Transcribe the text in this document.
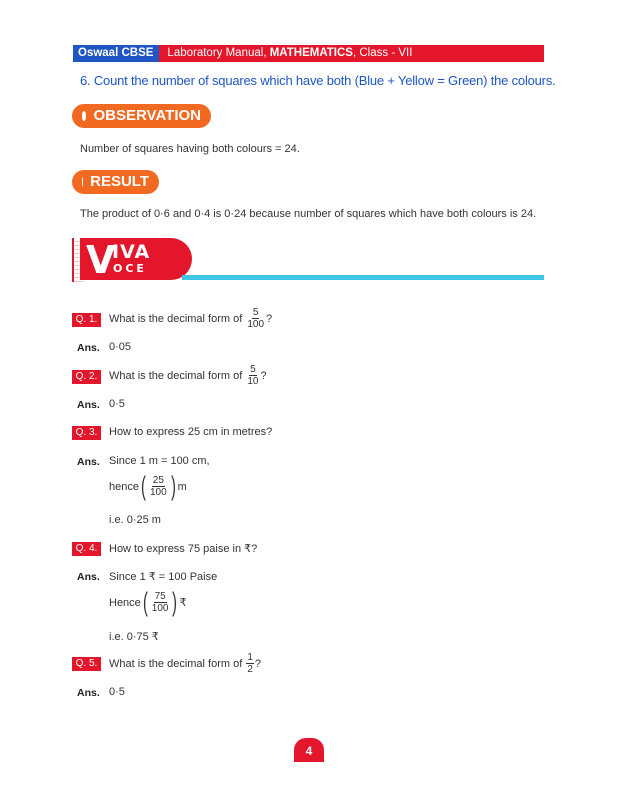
Oswaal CBSE	Laboratory Manual, MATHEMATICS, Class - VII
6. Count the number of squares which have both (Blue + Yellow = Green) the colours.
OBSERVATION
Number of squares having both colours = 24.
RESULT
The product of 0·6 and 0·4 is 0·24 because number of squares which have both colours is 24.
V
IVA
OCE
Q. 1.	What is the decimal form of
$\frac{5}{100}$ ?
Ans. 0·05
Q. 2.	What is the decimal form of
$\frac{5}{10}$ ?
Ans. 0·5
Q. 3.	How to express 25 cm in metres?
Ans. Since 1 m = 100 cm,
hence ( $\frac{25}{100}$ ) m
i.e. 0·25 m
Q. 4.	How to express 75 paise in ₹?
Ans. Since 1 ₹ = 100 Paise
Hence ( $\frac{75}{100}$ ) ₹
i.e. 0·75 ₹
Q. 5.	What is the decimal form of
$\frac{1}{2}$ ?
Ans. 0·5
4
